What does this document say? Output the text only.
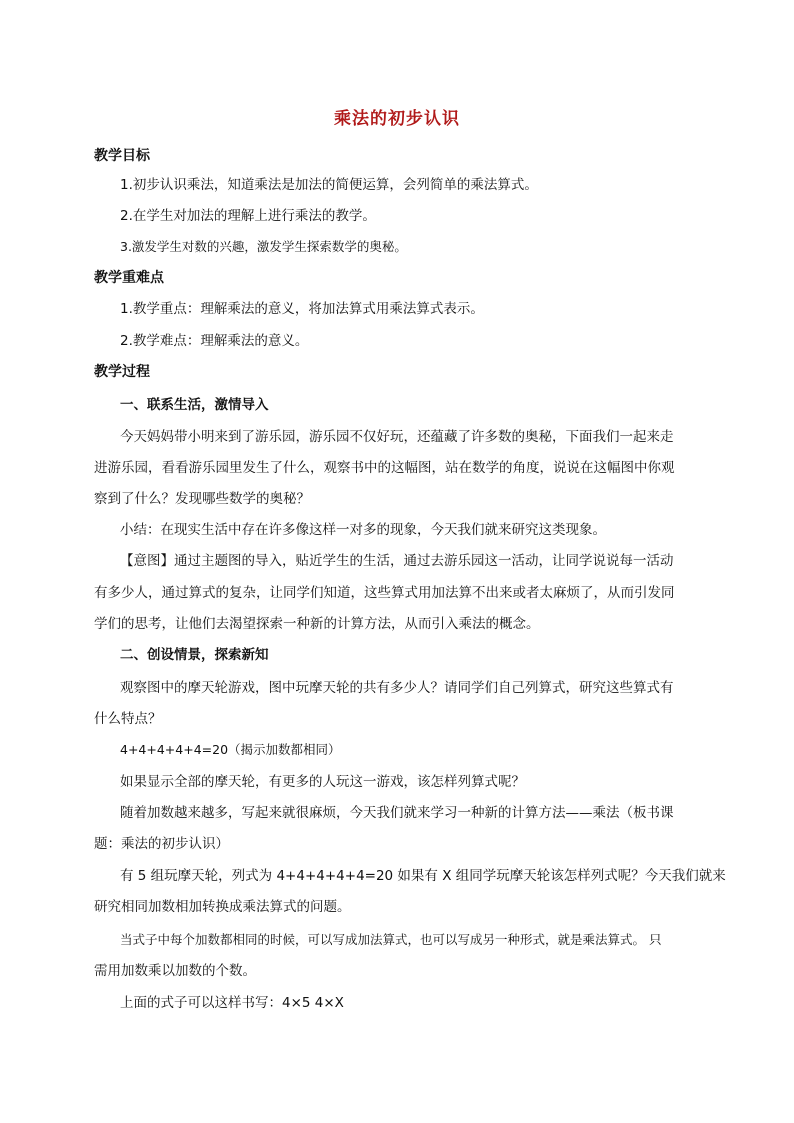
乘法的初步认识
教学目标
1.初步认识乘法，知道乘法是加法的简便运算，会列简单的乘法算式。
2.在学生对加法的理解上进行乘法的教学。
3.激发学生对数的兴趣，激发学生探索数学的奥秘。
教学重难点
1.教学重点：理解乘法的意义，将加法算式用乘法算式表示。
2.教学难点：理解乘法的意义。
教学过程
一、联系生活，激情导入
今天妈妈带小明来到了游乐园，游乐园不仅好玩，还蕴藏了许多数的奥秘，下面我们一起来走
进游乐园，看看游乐园里发生了什么，观察书中的这幅图，站在数学的角度，说说在这幅图中你观
察到了什么？发现哪些数学的奥秘？
小结：在现实生活中存在许多像这样一对多的现象，今天我们就来研究这类现象。
【意图】通过主题图的导入，贴近学生的生活，通过去游乐园这一活动，让同学说说每一活动
有多少人，通过算式的复杂，让同学们知道，这些算式用加法算不出来或者太麻烦了，从而引发同
学们的思考，让他们去渴望探索一种新的计算方法，从而引入乘法的概念。
二、创设情景，探索新知
观察图中的摩天轮游戏，图中玩摩天轮的共有多少人？请同学们自己列算式，研究这些算式有
什么特点？
4+4+4+4+4=20（揭示加数都相同）
如果显示全部的摩天轮，有更多的人玩这一游戏，该怎样列算式呢？
随着加数越来越多，写起来就很麻烦，今天我们就来学习一种新的计算方法——乘法（板书课
题：乘法的初步认识）
有 5 组玩摩天轮，列式为 4+4+4+4+4=20 如果有 X 组同学玩摩天轮该怎样列式呢？今天我们就来
研究相同加数相加转换成乘法算式的问题。
当式子中每个加数都相同的时候，可以写成加法算式，也可以写成另一种形式，就是乘法算式。 只
需用加数乘以加数的个数。
上面的式子可以这样书写：4×5 4×X
